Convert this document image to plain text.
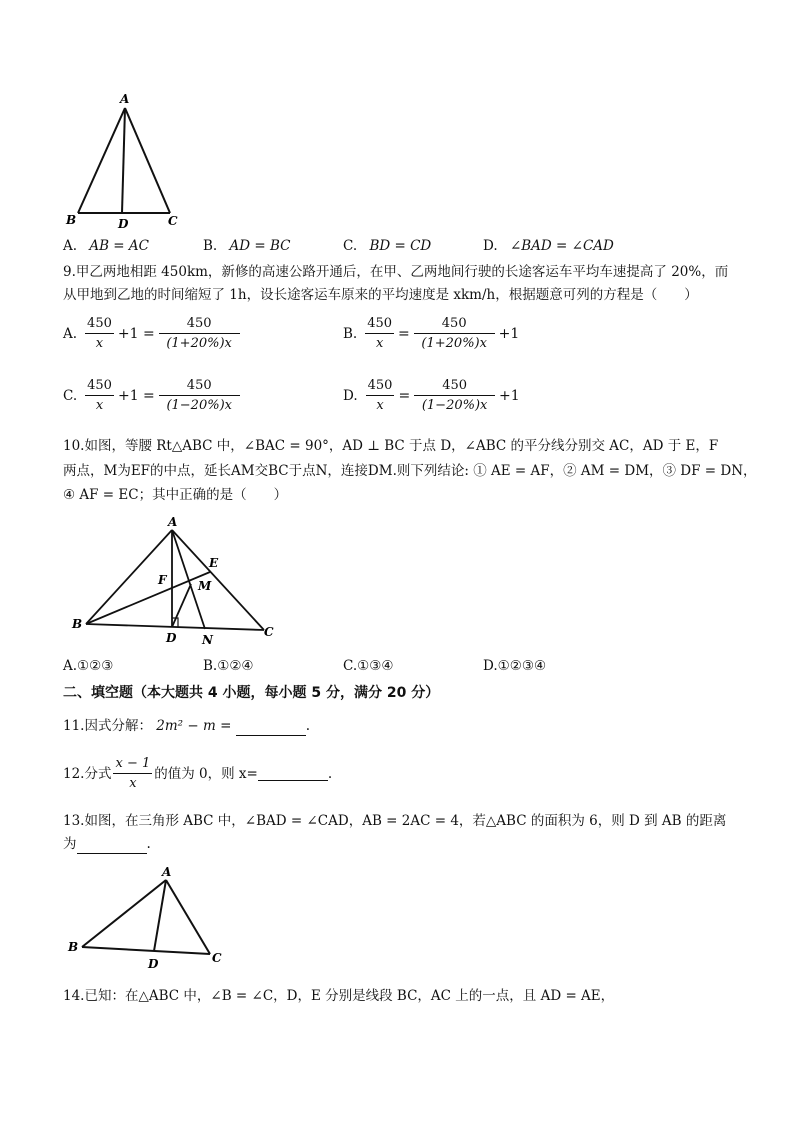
A
B	D	C
A. AB = AC	B. AD = BC	C. BD = CD	D. ∠BAD = ∠CAD
9.甲乙两地相距 450km，新修的高速公路开通后，在甲、乙两地间行驶的长途客运车平均车速提高了 20%，而
从甲地到乙地的时间缩短了 1h，设长途客运车原来的平均速度是 xkm/h，根据题意可列的方程是（　　）
A. $\frac{450}{x} +1 = \frac{450}{(1+20\%)x}$	B. $\frac{450}{x} = \frac{450}{(1+20\%)x} +1$
C. $\frac{450}{x} +1 = \frac{450}{(1-20\%)x}$	D. $\frac{450}{x} = \frac{450}{(1-20\%)x} +1$
10.如图，等腰 Rt△ABC 中，∠BAC = 90°，AD ⊥ BC 于点 D，∠ABC 的平分线分别交 AC，AD 于 E，F
两点，M为EF的中点，延长AM交BC于点N，连接DM.则下列结论: ① AE = AF，② AM = DM，③ DF = DN，
④ AF = EC；其中正确的是（　　）
A
E
F	M
B
D N
C
A.①②③	B.①②④	C.①③④	D.①②③④
二、填空题（本大题共 4 小题，每小题 5 分，满分 20 分）
11.因式分解： 2m² − m =	.
12.分式 $\frac{x - 1}{x}$ 的值为 0，则 x=	.
13.如图，在三角形 ABC 中，∠BAD = ∠CAD，AB = 2AC = 4，若△ABC 的面积为 6，则 D 到 AB 的距离
为	.
A
B
D	C
14.已知：在△ABC 中，∠B = ∠C，D，E 分别是线段 BC，AC 上的一点，且 AD = AE，
